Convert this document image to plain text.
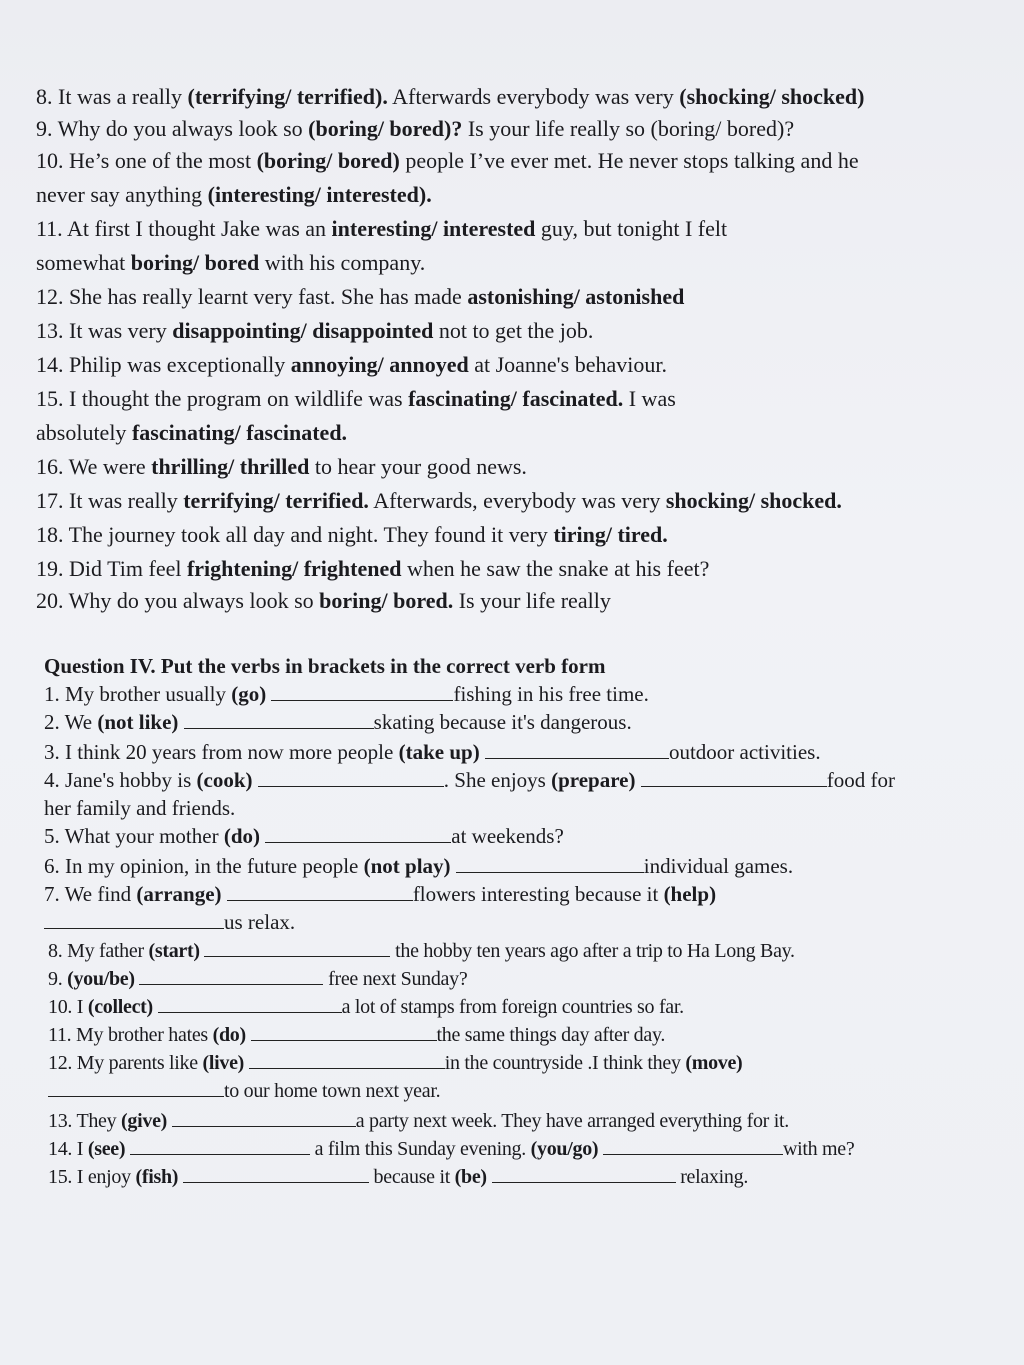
8. It was a really (terrifying/ terrified). Afterwards everybody was very (shocking/ shocked)
9. Why do you always look so (boring/ bored)? Is your life really so (boring/ bored)?
10. He’s one of the most (boring/ bored) people I’ve ever met. He never stops talking and he
never say anything (interesting/ interested).
11. At first I thought Jake was an interesting/ interested guy, but tonight I felt
somewhat boring/ bored with his company.
12. She has really learnt very fast. She has made astonishing/ astonished
13. It was very disappointing/ disappointed not to get the job.
14. Philip was exceptionally annoying/ annoyed at Joanne's behaviour.
15. I thought the program on wildlife was fascinating/ fascinated. I was
absolutely fascinating/ fascinated.
16. We were thrilling/ thrilled to hear your good news.
17. It was really terrifying/ terrified. Afterwards, everybody was very shocking/ shocked.
18. The journey took all day and night. They found it very tiring/ tired.
19. Did Tim feel frightening/ frightened when he saw the snake at his feet?
20. Why do you always look so boring/ bored. Is your life really
Question IV. Put the verbs in brackets in the correct verb form
1. My brother usually (go)	fishing in his free time.
2. We (not like)	skating because it's dangerous.
3. I think 20 years from now more people (take up)	outdoor activities.
4. Jane's hobby is (cook)	. She enjoys (prepare)	food for
her family and friends.
5. What your mother (do)	at weekends?
6. In my opinion, in the future people (not play)	individual games.
7. We find (arrange)	flowers interesting because it (help)
us relax.
8. My father (start)	the hobby ten years ago after a trip to Ha Long Bay.
9. (you/be)	free next Sunday?
10. I (collect)	a lot of stamps from foreign countries so far.
11. My brother hates (do)	the same things day after day.
12. My parents like (live)	in the countryside .I think they (move)
to our home town next year.
13. They (give)	a party next week. They have arranged everything for it.
14. I (see)	a film this Sunday evening. (you/go)	with me?
15. I enjoy (fish)	because it (be)	relaxing.
